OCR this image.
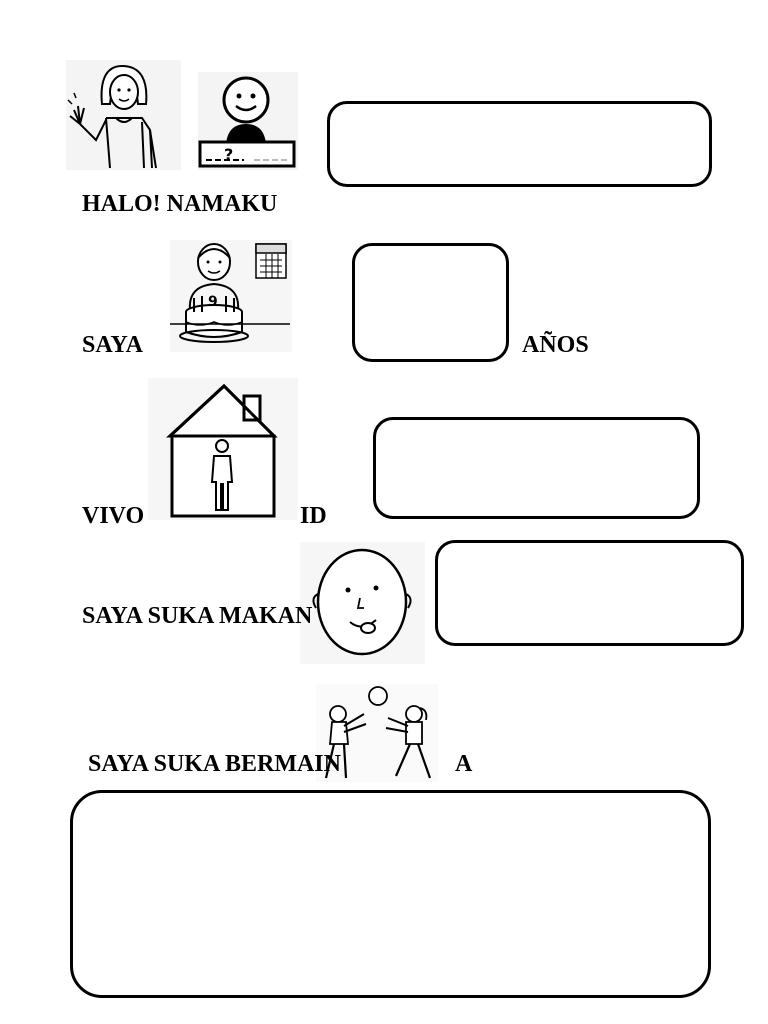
?
HALO! NAMAKU
SAYA
9
AÑOS
VIVO	ID
SAYA SUKA MAKAN
SAYA SUKA BERMAIN	A
